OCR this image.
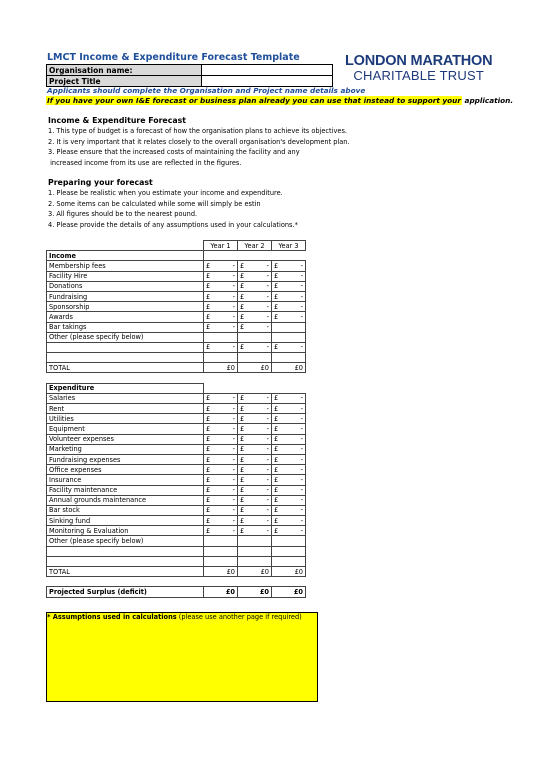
LMCT Income & Expenditure Forecast Template
Organisation name:	
Project Title	
LONDON MARATHON
CHARITABLE TRUST
Applicants should complete the Organisation and Project name details above
If you have your own I&E forecast or business plan already you can use that instead to support your application.
Income & Expenditure Forecast
1. This type of budget is a forecast of how the organisation plans to achieve its objectives.
2. It is very important that it relates closely to the overall organisation's development plan.
3. Please ensure that the increased costs of maintaining the facility and any
increased income from its use are reflected in the figures.
Preparing your forecast
1. Please be realistic when you estimate your income and expenditure.
2. Some items can be calculated while some will simply be estin
3. All figures should be to the nearest pound.
4. Please provide the details of any assumptions used in your calculations.*
	Year 1	Year 2	Year 3
Income			
Membership fees	£ -	£ -	£ -

Facility Hire	£ -	£ -	£ -

Donations	£ -	£ -	£ -

Fundraising	£ -	£ -	£ -

Sponsorship	£ -	£ -	£ -

Awards	£ -	£ -	£ -

Bar takings	£ -	£ -	

Other (please specify below)			
	£ -	£ -	£ -

TOTAL	£0	£0	£0

Expenditure			
Salaries	£ -	£ -	£ -

Rent	£ -	£ -	£ -

Utilities	£ -	£ -	£ -

Equipment	£ -	£ -	£ -

Volunteer expenses	£ -	£ -	£ -

Marketing	£ -	£ -	£ -

Fundraising expenses	£ -	£ -	£ -

Office expenses	£ -	£ -	£ -

Insurance	£ -	£ -	£ -

Facility maintenance	£ -	£ -	£ -

Annual grounds maintenance	£ -	£ -	£ -

Bar stock	£ -	£ -	£ -

Sinking fund	£ -	£ -	£ -

Monitoring & Evaluation	£ -	£ -	£ -

Other (please specify below)			

TOTAL	£0	£0	£0

Projected Surplus (deficit)	£0	£0	£0
* Assumptions used in calculations (please use another page if required)
